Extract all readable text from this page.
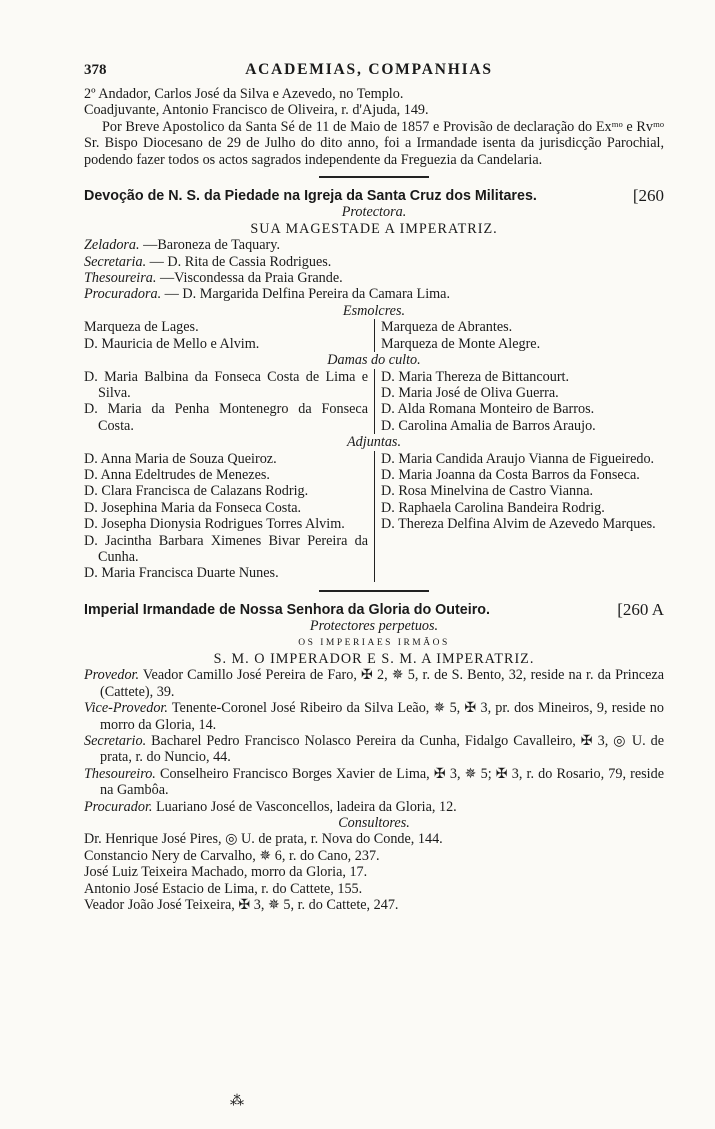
378	ACADEMIAS, COMPANHIAS
2º Andador, Carlos José da Silva e Azevedo, no Templo.
Coadjuvante, Antonio Francisco de Oliveira, r. d'Ajuda, 149.
Por Breve Apostolico da Santa Sé de 11 de Maio de 1857 e Provisão de declaração do Exᵐᵒ e Rvᵐᵒ Sr. Bispo Diocesano de 29 de Julho do dito anno, foi a Irmandade isenta da jurisdicção Parochial, podendo fazer todos os actos sagrados independente da Freguezia da Candelaria.
Devoção de N. S. da Piedade na Igreja da Santa Cruz dos Militares.	[260
Protectora.
SUA MAGESTADE A IMPERATRIZ.
Zeladora. —Baroneza de Taquary.
Secretaria. — D. Rita de Cassia Rodrigues.
Thesoureira. —Viscondessa da Praia Grande.
Procuradora. — D. Margarida Delfina Pereira da Camara Lima.
Esmolcres.
Marqueza de Lages.
D. Mauricia de Mello e Alvim.
Marqueza de Abrantes.
Marqueza de Monte Alegre.
Damas do culto.
D. Maria Balbina da Fonseca Costa de Lima e Silva.
D. Maria da Penha Montenegro da Fonseca Costa.
D. Maria Thereza de Bittancourt.
D. Maria José de Oliva Guerra.
D. Alda Romana Monteiro de Barros.
D. Carolina Amalia de Barros Araujo.
Adjuntas.
D. Anna Maria de Souza Queiroz.
D. Anna Edeltrudes de Menezes.
D. Clara Francisca de Calazans Rodrig.
D. Josephina Maria da Fonseca Costa.
D. Josepha Dionysia Rodrigues Torres Alvim.
D. Jacintha Barbara Ximenes Bivar Pereira da Cunha.
D. Maria Francisca Duarte Nunes.
D. Maria Candida Araujo Vianna de Figueiredo.
D. Maria Joanna da Costa Barros da Fonseca.
D. Rosa Minelvina de Castro Vianna.
D. Raphaela Carolina Bandeira Rodrig.
D. Thereza Delfina Alvim de Azevedo Marques.
Imperial Irmandade de Nossa Senhora da Gloria do Outeiro.	[260 A
Protectores perpetuos.
OS IMPERIAES IRMÃOS
S. M. O IMPERADOR E S. M. A IMPERATRIZ.
Provedor. Veador Camillo José Pereira de Faro, ✠ 2, ✵ 5, r. de S. Bento, 32, reside na r. da Princeza (Cattete), 39.
Vice-Provedor. Tenente-Coronel José Ribeiro da Silva Leão, ✵ 5, ✠ 3, pr. dos Mineiros, 9, reside no morro da Gloria, 14.
Secretario. Bacharel Pedro Francisco Nolasco Pereira da Cunha, Fidalgo Cavalleiro, ✠ 3, ◎ U. de prata, r. do Nuncio, 44.
Thesoureiro. Conselheiro Francisco Borges Xavier de Lima, ✠ 3, ✵ 5; ✠ 3, r. do Rosario, 79, reside na Gambôa.
Procurador. Luariano José de Vasconcellos, ladeira da Gloria, 12.
Consultores.
Dr. Henrique José Pires, ◎ U. de prata, r. Nova do Conde, 144.
Constancio Nery de Carvalho, ✵ 6, r. do Cano, 237.
José Luiz Teixeira Machado, morro da Gloria, 17.
Antonio José Estacio de Lima, r. do Cattete, 155.
Veador João José Teixeira, ✠ 3, ✵ 5, r. do Cattete, 247.
⁂
